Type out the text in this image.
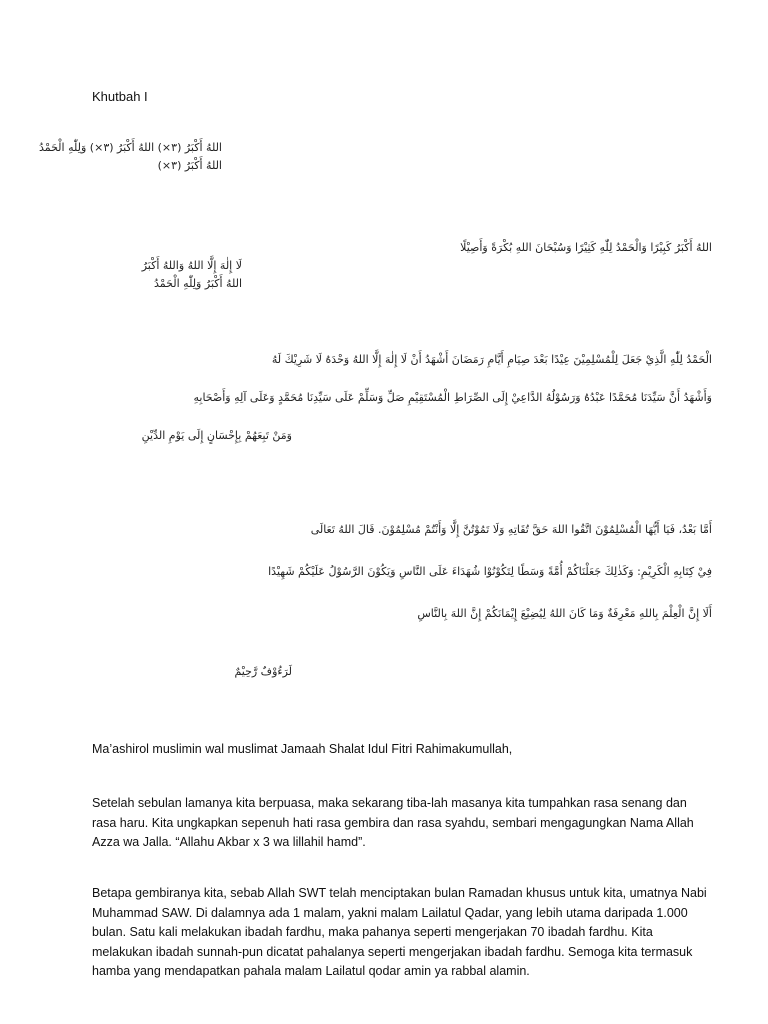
Khutbah I
اللهُ أَكْبَرُ (٣×) اللهُ أَكْبَرُ (٣×) وَلِلّٰهِ الْحَمْدُ
اللهُ أَكْبَرُ (٣×)
اللهُ أَكْبَرُ كَبِيْرًا وَالْحَمْدُ لِلّٰهِ كَثِيْرًا وَسُبْحَانَ اللهِ بُكْرَةً وَأَصِيْلًا
لَا إِلٰهَ إِلَّا اللهُ وَاللهُ أَكْبَرُ
اللهُ أَكْبَرُ وَلِلّٰهِ الْحَمْدُ
الْحَمْدُ لِلّٰهِ الَّذِيْ جَعَلَ لِلْمُسْلِمِيْنَ عِيْدًا بَعْدَ صِيَامِ أَيَّامِ رَمَضَانَ أَشْهَدُ أَنْ لَا إِلٰهَ إِلَّا اللهُ وَحْدَهُ لَا شَرِيْكَ لَهُ
وَأَشْهَدُ أَنَّ سَيِّدَنَا مُحَمَّدًا عَبْدُهُ وَرَسُوْلُهُ الدَّاعِيْ إِلَى الصِّرَاطِ الْمُسْتَقِيْمِ صَلِّ وَسَلِّمْ عَلَى سَيِّدِنَا مُحَمَّدٍ وَعَلَى آلِهِ وَأَصْحَابِهِ
وَمَنْ تَبِعَهُمْ بِإِحْسَانٍ إِلَى يَوْمِ الدِّيْنِ
أَمَّا بَعْدُ، فَيَا أَيُّهَا الْمُسْلِمُوْنَ اتَّقُوا اللهَ حَقَّ تُقَاتِهِ وَلَا تَمُوْتُنَّ إِلَّا وَأَنْتُمْ مُسْلِمُوْنَ. قَالَ اللهُ تَعَالَى
فِيْ كِتَابِهِ الْكَرِيْمِ: وَكَذٰلِكَ جَعَلْنَاكُمْ أُمَّةً وَسَطًا لِتَكُوْنُوْا شُهَدَاءَ عَلَى النَّاسِ وَيَكُوْنَ الرَّسُوْلُ عَلَيْكُمْ شَهِيْدًا
أَلَا إِنَّ الْعِلْمَ بِاللهِ مَعْرِفَةٌ وَمَا كَانَ اللهُ لِيُضِيْعَ إِيْمَانَكُمْ إِنَّ اللهَ بِالنَّاسِ
لَرَءُوْفٌ رَّحِيْمٌ

Ma’ashirol muslimin wal muslimat Jamaah Shalat Idul Fitri Rahimakumullah,

Setelah sebulan lamanya kita berpuasa, maka sekarang tiba-lah masanya kita tumpahkan rasa senang dan rasa haru. Kita ungkapkan sepenuh hati rasa gembira dan rasa syahdu, sembari mengagungkan Nama Allah Azza wa Jalla. “Allahu Akbar x 3 wa lillahil hamd”.

Betapa gembiranya kita, sebab Allah SWT telah menciptakan bulan Ramadan khusus untuk kita, umatnya Nabi Muhammad SAW. Di dalamnya ada 1 malam, yakni malam Lailatul Qadar, yang lebih utama daripada 1.000 bulan. Satu kali melakukan ibadah fardhu, maka pahanya seperti mengerjakan 70 ibadah fardhu. Kita melakukan ibadah sunnah-pun dicatat pahalanya seperti mengerjakan ibadah fardhu. Semoga kita termasuk hamba yang mendapatkan pahala malam Lailatul qodar amin ya rabbal alamin.
